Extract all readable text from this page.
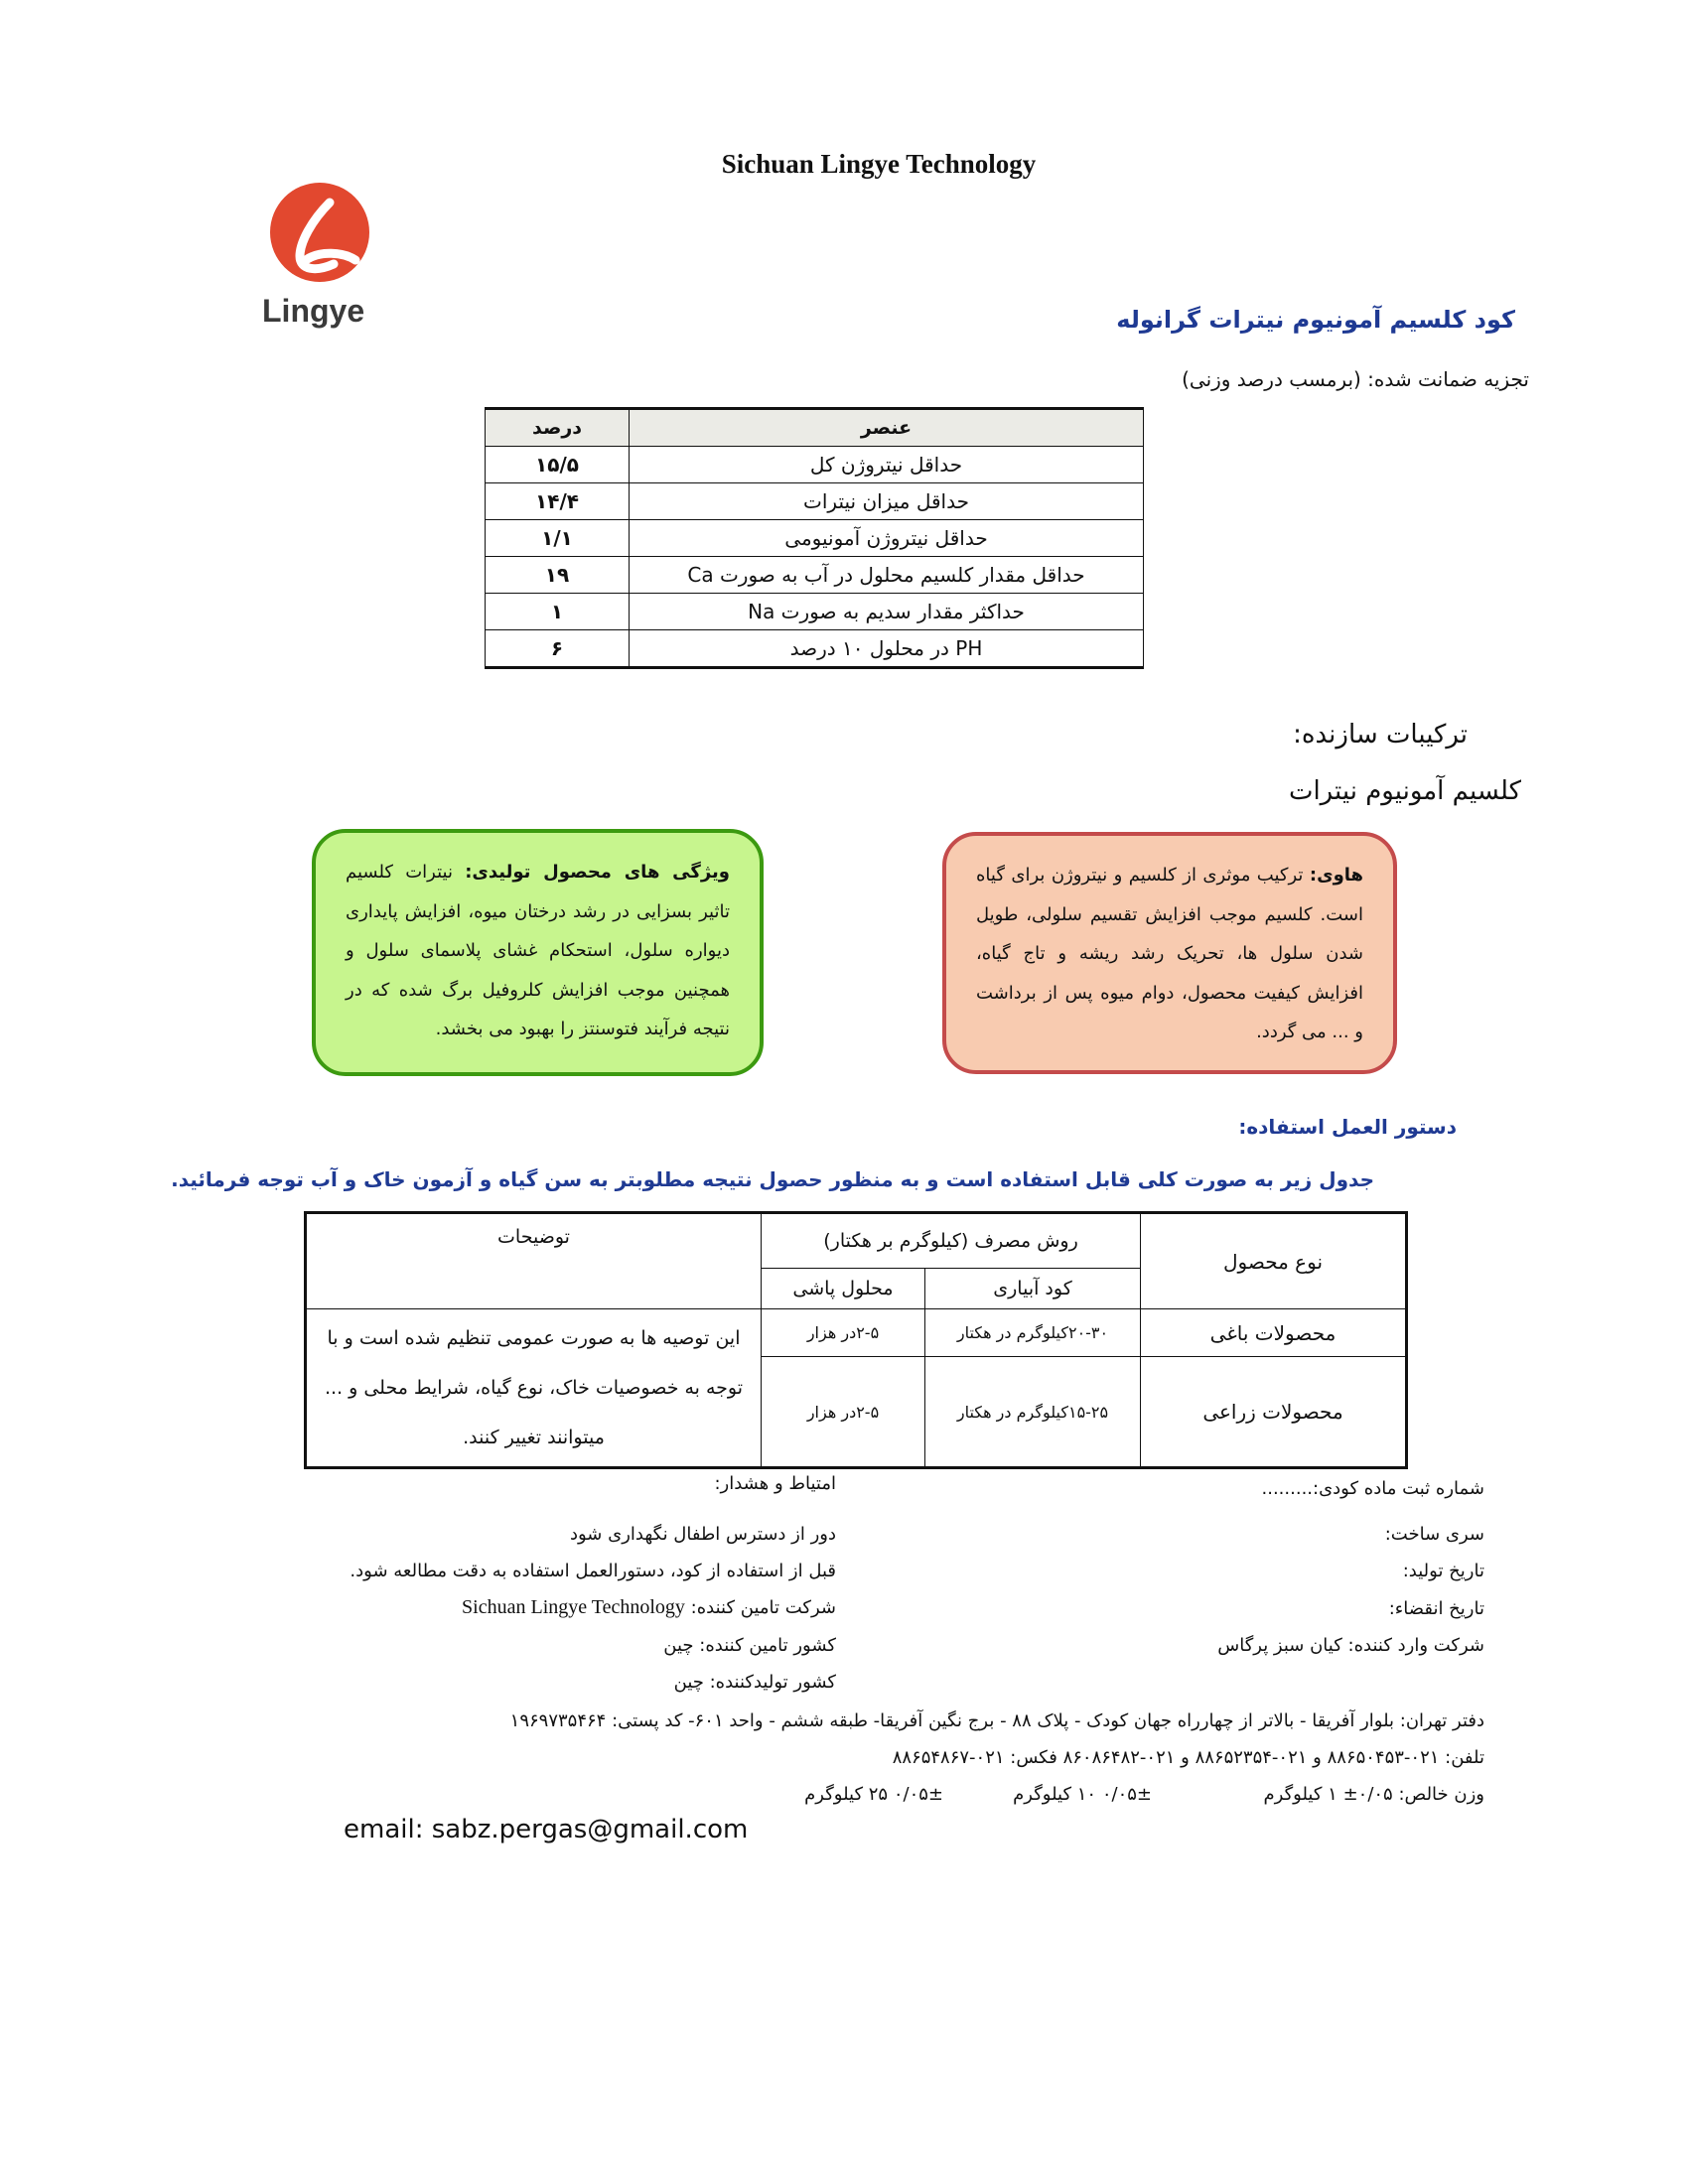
Sichuan Lingye Technology
Lingye	کود کلسیم آمونیوم نیترات گرانوله
تجزیه ضمانت شده: (برمسب درصد وزنی)
عنصر	درصد
حداقل نیتروژن کل	۱۵/۵
حداقل میزان نیترات	۱۴/۴
حداقل نیتروژن آمونیومی	۱/۱
حداقل مقدار کلسیم محلول در آب به صورت Ca	۱۹
حداکثر مقدار سدیم به صورت Na	۱
PH در محلول ۱۰ درصد	۶
ترکیبات سازنده:
کلسیم آمونیوم نیترات
هاوی: ترکیب موثری از کلسیم و نیتروژن برای گیاه است. کلسیم موجب افزایش تقسیم سلولی، طویل شدن سلول ها، تحریک رشد ریشه و تاج گیاه، افزایش کیفیت محصول، دوام میوه پس از برداشت و ... می گردد.
ویژگی های محصول تولیدی: نیترات کلسیم تاثیر بسزایی در رشد درختان میوه، افزایش پایداری دیواره سلول، استحکام غشای پلاسمای سلول و همچنین موجب افزایش کلروفیل برگ شده که در نتیجه فرآیند فتوسنتز را بهبود می بخشد.
دستور العمل استفاده:
جدول زیر به صورت کلی قابل استفاده است و به منظور حصول نتیجه مطلوبتر به سن گیاه و آزمون خاک و آب توجه فرمائید.
نوع محصول	روش مصرف (کیلوگرم بر هکتار)		توضیحات
	کود آبیاری	محلول پاشی	
محصولات باغی	۲۰-۳۰کیلوگرم در هکتار	۲-۵در هزار	این توصیه ها به صورت عمومی تنظیم شده است و با توجه به خصوصیات خاک، نوع گیاه، شرایط محلی و ... میتوانند تغییر کنند.
محصولات زراعی	۱۵-۲۵کیلوگرم در هکتار	۲-۵در هزار	
شماره ثبت ماده کودی:.........
سری ساخت:
تاریخ تولید:
تاریخ انقضاء:
شرکت وارد کننده: کیان سبز پرگاس
امتیاط و هشدار:
دور از دسترس اطفال نگهداری شود
قبل از استفاده از کود، دستورالعمل استفاده به دقت مطالعه شود.
شرکت تامین کننده: Sichuan Lingye Technology
کشور تامین کننده: چین
کشور تولیدکننده: چین
دفتر تهران: بلوار آفریقا - بالاتر از چهارراه جهان کودک - پلاک ۸۸ - برج نگین آفریقا- طبقه ششم - واحد ۶۰۱- کد پستی: ۱۹۶۹۷۳۵۴۶۴
تلفن: ۰۲۱-۸۸۶۵۰۴۵۳ و ۰۲۱-۸۸۶۵۲۳۵۴ و ۰۲۱-۸۶۰۸۶۴۸۲ فکس: ۰۲۱-۸۸۶۵۴۸۶۷
وزن خالص: ۰/۰۵± ۱ کیلوگرم
۰/۰۵± ۱۰ کیلوگرم
۰/۰۵± ۲۵ کیلوگرم
email: sabz.pergas@gmail.com
